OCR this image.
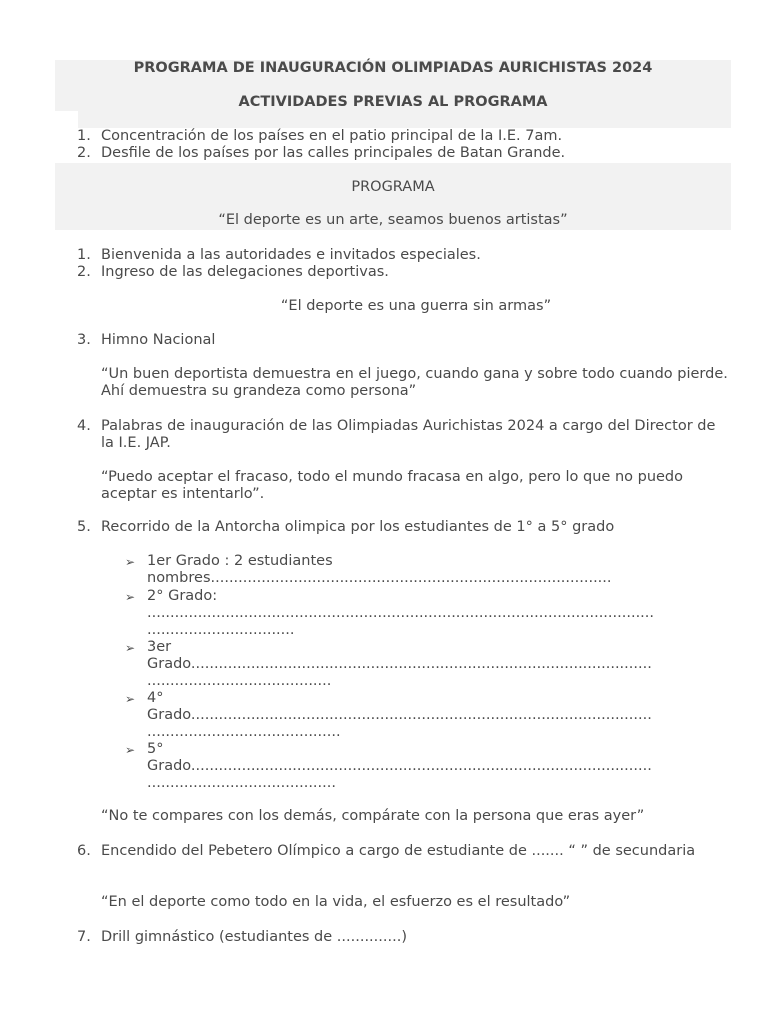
PROGRAMA DE INAUGURACIÓN OLIMPIADAS AURICHISTAS 2024
ACTIVIDADES PREVIAS AL PROGRAMA
1. Concentración de los países en el patio principal de la I.E. 7am.
2. Desfile de los países por las calles principales de Batan Grande.
PROGRAMA
“El deporte es un arte, seamos buenos artistas”
1. Bienvenida a las autoridades e invitados especiales.
2. Ingreso de las delegaciones deportivas.
“El deporte es una guerra sin armas”
3. Himno Nacional
“Un buen deportista demuestra en el juego, cuando gana y sobre todo cuando pierde. Ahí demuestra su grandeza como persona”
4. Palabras de inauguración de las Olimpiadas Aurichistas 2024 a cargo del Director de la I.E. JAP.
“Puedo aceptar el fracaso, todo el mundo fracasa en algo, pero lo que no puedo aceptar es intentarlo”.
5. Recorrido de la Antorcha olimpica por los estudiantes de 1° a 5° grado
➢ 1er Grado : 2 estudiantes
nombres.......................................................................................
➢ 2° Grado:
..............................................................................................................
................................
➢ 3er
Grado....................................................................................................
........................................
➢ 4°
Grado....................................................................................................
..........................................
➢ 5°
Grado....................................................................................................
.........................................
“No te compares con los demás, compárate con la persona que eras ayer”
6. Encendido del Pebetero Olímpico a cargo de estudiante de ....... “ ” de secundaria
“En el deporte como todo en la vida, el esfuerzo es el resultado”
7. Drill gimnástico (estudiantes de ..............)
